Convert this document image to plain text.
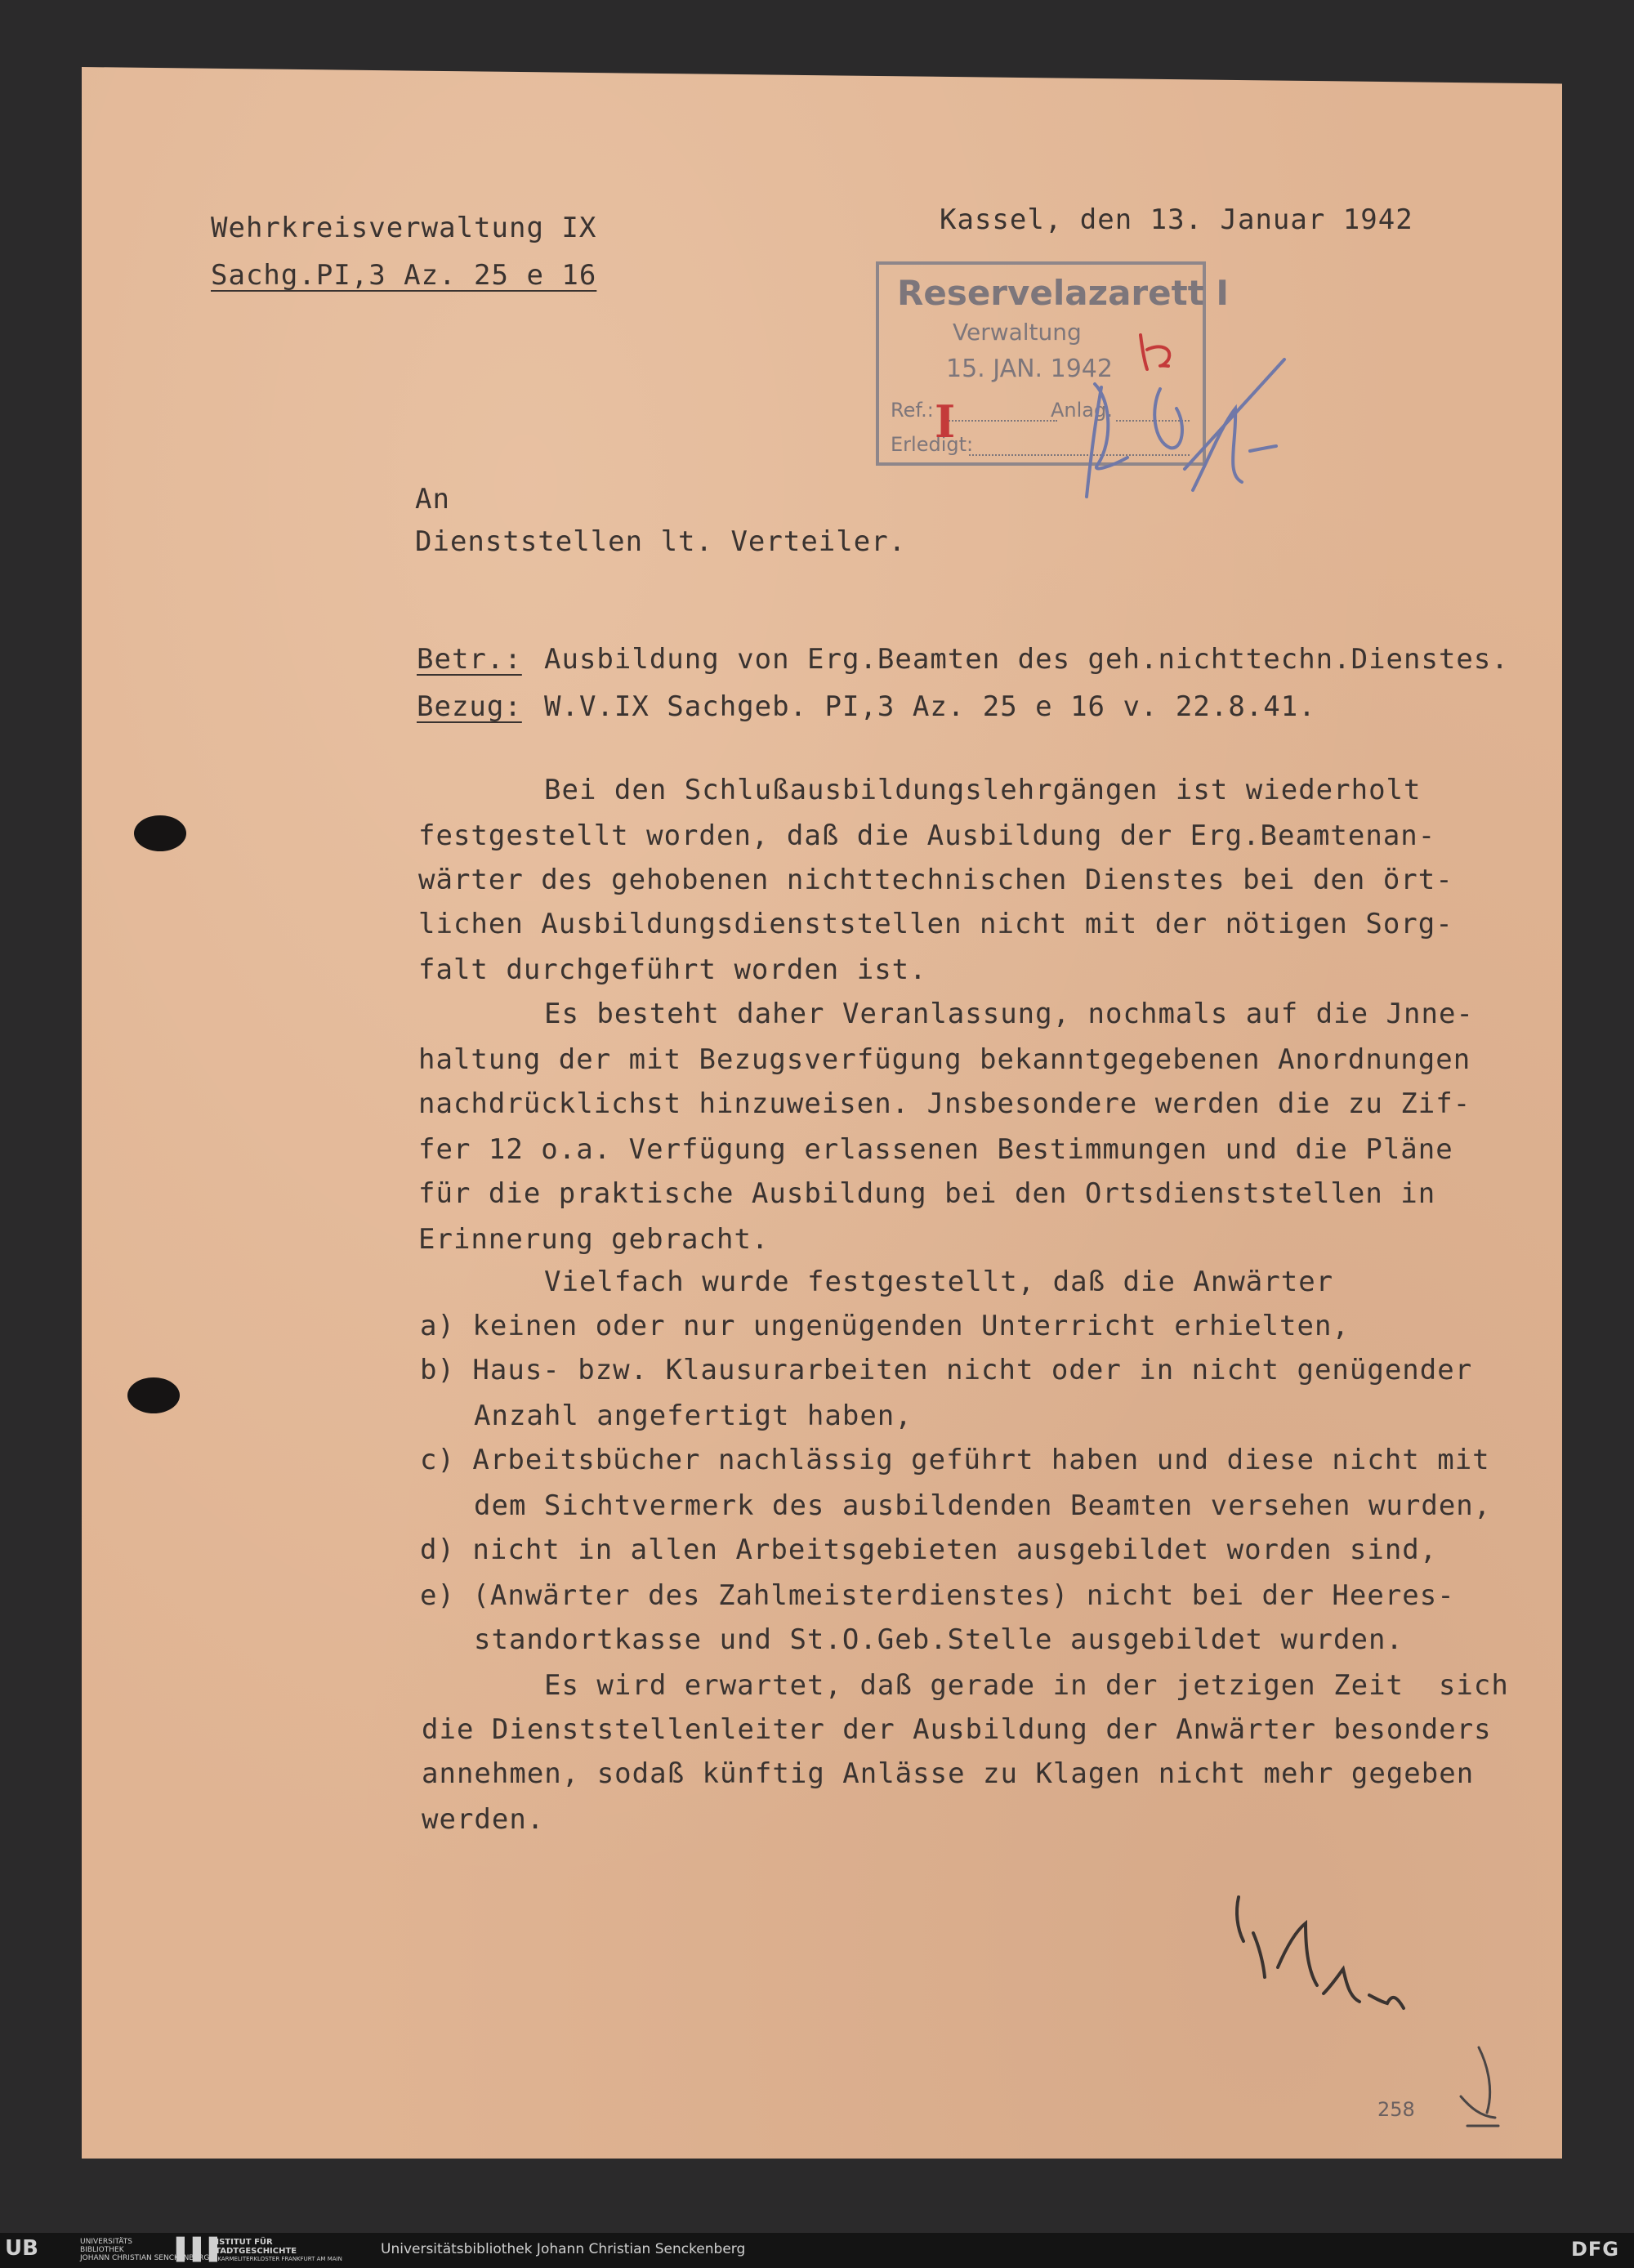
Wehrkreisverwaltung IX
Sachg.PI,3 Az. 25 e 16
Kassel, den 13. Januar 1942
Reservelazarett I
Verwaltung
15. JAN. 1942
Ref.:	Anlag.
Erledigt:
I
An
Dienststellen lt. Verteiler.
Betr.: Ausbildung von Erg.Beamten des geh.nichttechn.Dienstes.
Bezug: W.V.IX Sachgeb. PI,3 Az. 25 e 16 v. 22.8.41.
Bei den Schlußausbildungslehrgängen ist wiederholt
festgestellt worden, daß die Ausbildung der Erg.Beamtenan-
wärter des gehobenen nichttechnischen Dienstes bei den ört-
lichen Ausbildungsdienststellen nicht mit der nötigen Sorg-
falt durchgeführt worden ist.
Es besteht daher Veranlassung, nochmals auf die Jnne-
haltung der mit Bezugsverfügung bekanntgegebenen Anordnungen
nachdrücklichst hinzuweisen. Jnsbesondere werden die zu Zif-
fer 12 o.a. Verfügung erlassenen Bestimmungen und die Pläne
für die praktische Ausbildung bei den Ortsdienststellen in
Erinnerung gebracht.
Vielfach wurde festgestellt, daß die Anwärter
a) keinen oder nur ungenügenden Unterricht erhielten,
b) Haus- bzw. Klausurarbeiten nicht oder in nicht genügender
Anzahl angefertigt haben,
c) Arbeitsbücher nachlässig geführt haben und diese nicht mit
dem Sichtvermerk des ausbildenden Beamten versehen wurden,
d) nicht in allen Arbeitsgebieten ausgebildet worden sind,
e) (Anwärter des Zahlmeisterdienstes) nicht bei der Heeres-
standortkasse und St.O.Geb.Stelle ausgebildet wurden.
Es wird erwartet, daß gerade in der jetzigen Zeit  sich
die Dienststellenleiter der Ausbildung der Anwärter besonders
annehmen, sodaß künftig Anlässe zu Klagen nicht mehr gegeben
werden.
258
UB	UNIVERSITÄTS
BIBLIOTHEK
JOHANN CHRISTIAN SENCKENBERG
▌▌▌
INSTITUT FÜR
STADTGESCHICHTE
IM KARMELITERKLOSTER FRANKFURT AM MAIN
Universitätsbibliothek Johann Christian Senckenberg	DFG
